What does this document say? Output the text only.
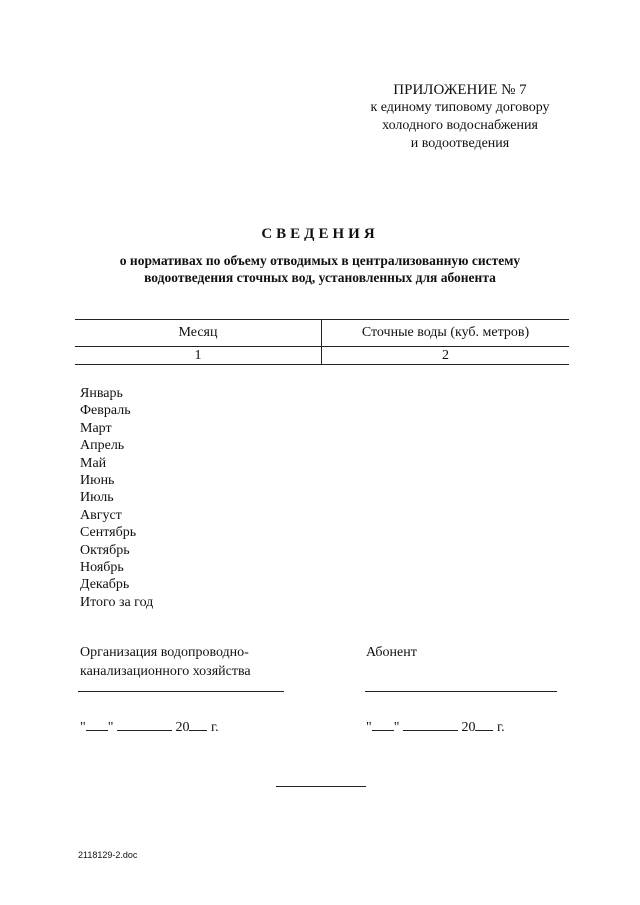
ПРИЛОЖЕНИЕ № 7
к единому типовому договору
холодного водоснабжения
и водоотведения
СВЕДЕНИЯ
о нормативах по объему отводимых в централизованную систему
водоотведения сточных вод, установленных для абонента
Месяц	Сточные воды (куб. метров)
1	2
Январь
Февраль
Март
Апрель
Май
Июнь
Июль
Август
Сентябрь
Октябрь
Ноябрь
Декабрь
Итого за год
Организация водопроводно-
канализационного хозяйства
Абонент
" "	20 г.	" "	20 г.
2118129-2.doc
